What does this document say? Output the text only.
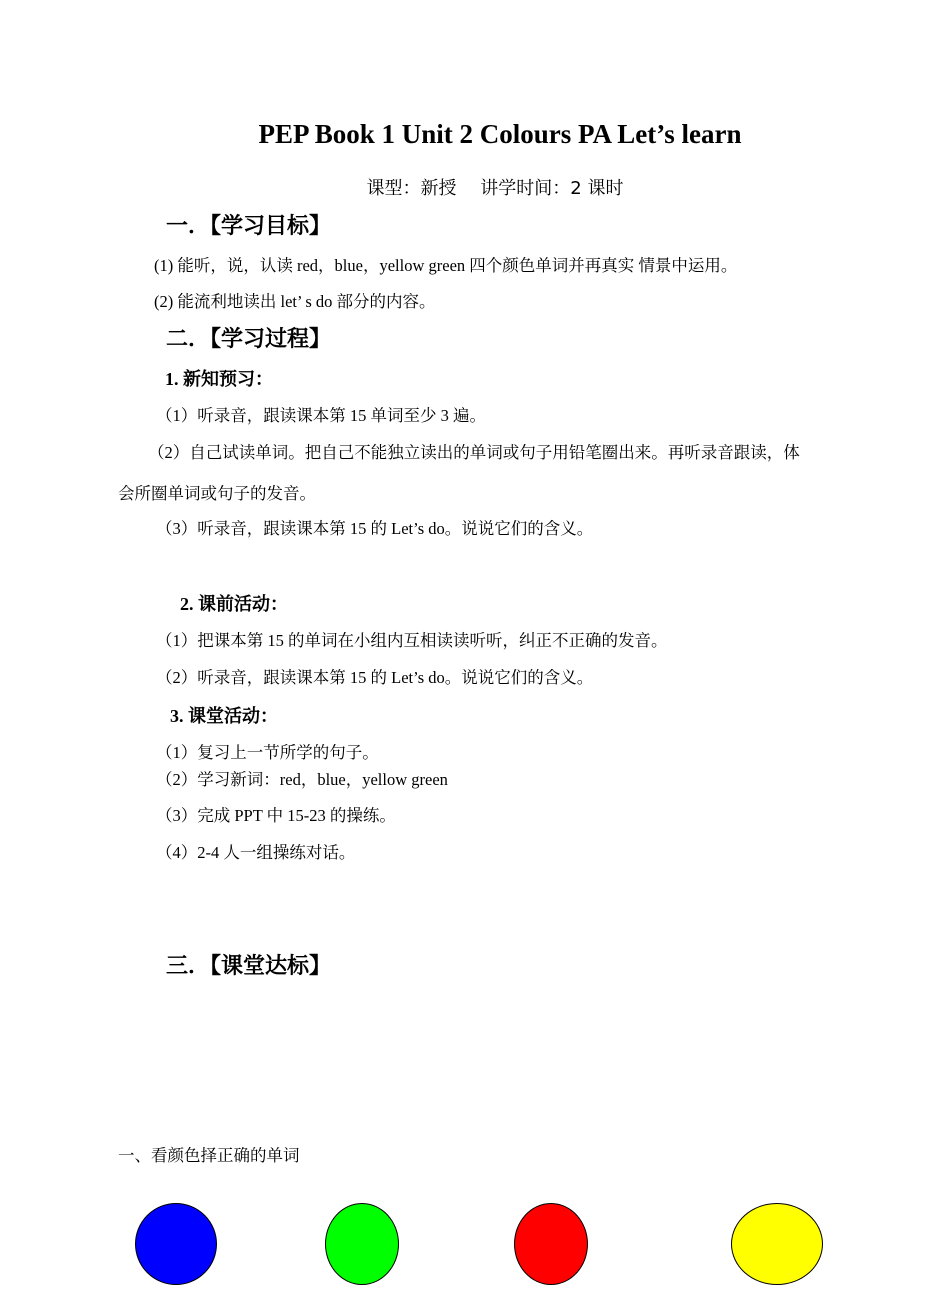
PEP Book 1 Unit 2 Colours PA Let’s learn
课型：新授　 讲学时间：2 课时
一．【学习目标】
(1) 能听，说，认读 red，blue，yellow green 四个颜色单词并再真实 情景中运用。
(2) 能流利地读出 let’ s do 部分的内容。
二．【学习过程】
1. 新知预习：
（1）听录音，跟读课本第 15 单词至少 3 遍。
（2）自己试读单词。把自己不能独立读出的单词或句子用铅笔圈出来。再听录音跟读，体
会所圈单词或句子的发音。
（3）听录音，跟读课本第 15 的 Let’s do。说说它们的含义。
2. 课前活动：
（1）把课本第 15 的单词在小组内互相读读听听，纠正不正确的发音。
（2）听录音，跟读课本第 15 的 Let’s do。说说它们的含义。
3. 课堂活动：
（1）复习上一节所学的句子。
（2）学习新词：red，blue，yellow green
（3）完成 PPT 中 15-23 的操练。
（4）2-4 人一组操练对话。
三．【课堂达标】
一、看颜色择正确的单词
